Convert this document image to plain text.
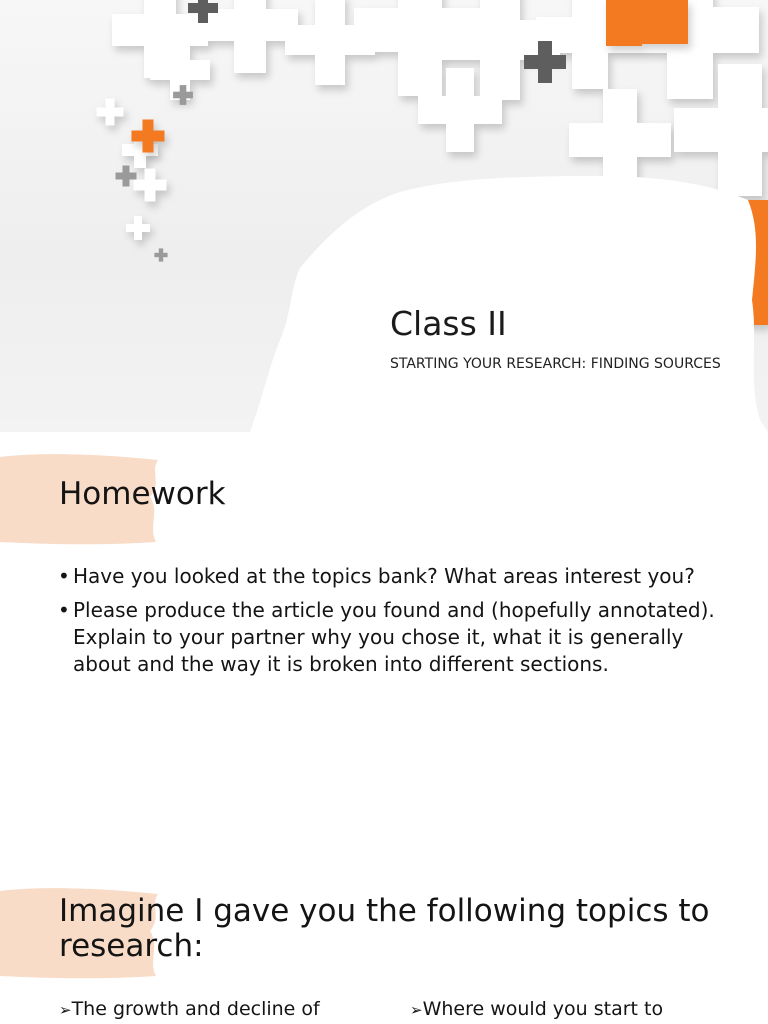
Class II

STARTING YOUR RESEARCH: FINDING SOURCES

Homework
• Have you looked at the topics bank? What areas interest you?
• Please produce the article you found and (hopefully annotated). Explain to your partner why you chose it, what it is generally about and the way it is broken into different sections.
Imagine I gave you the following topics to research:
➢The growth and decline of	➢Where would you start to
